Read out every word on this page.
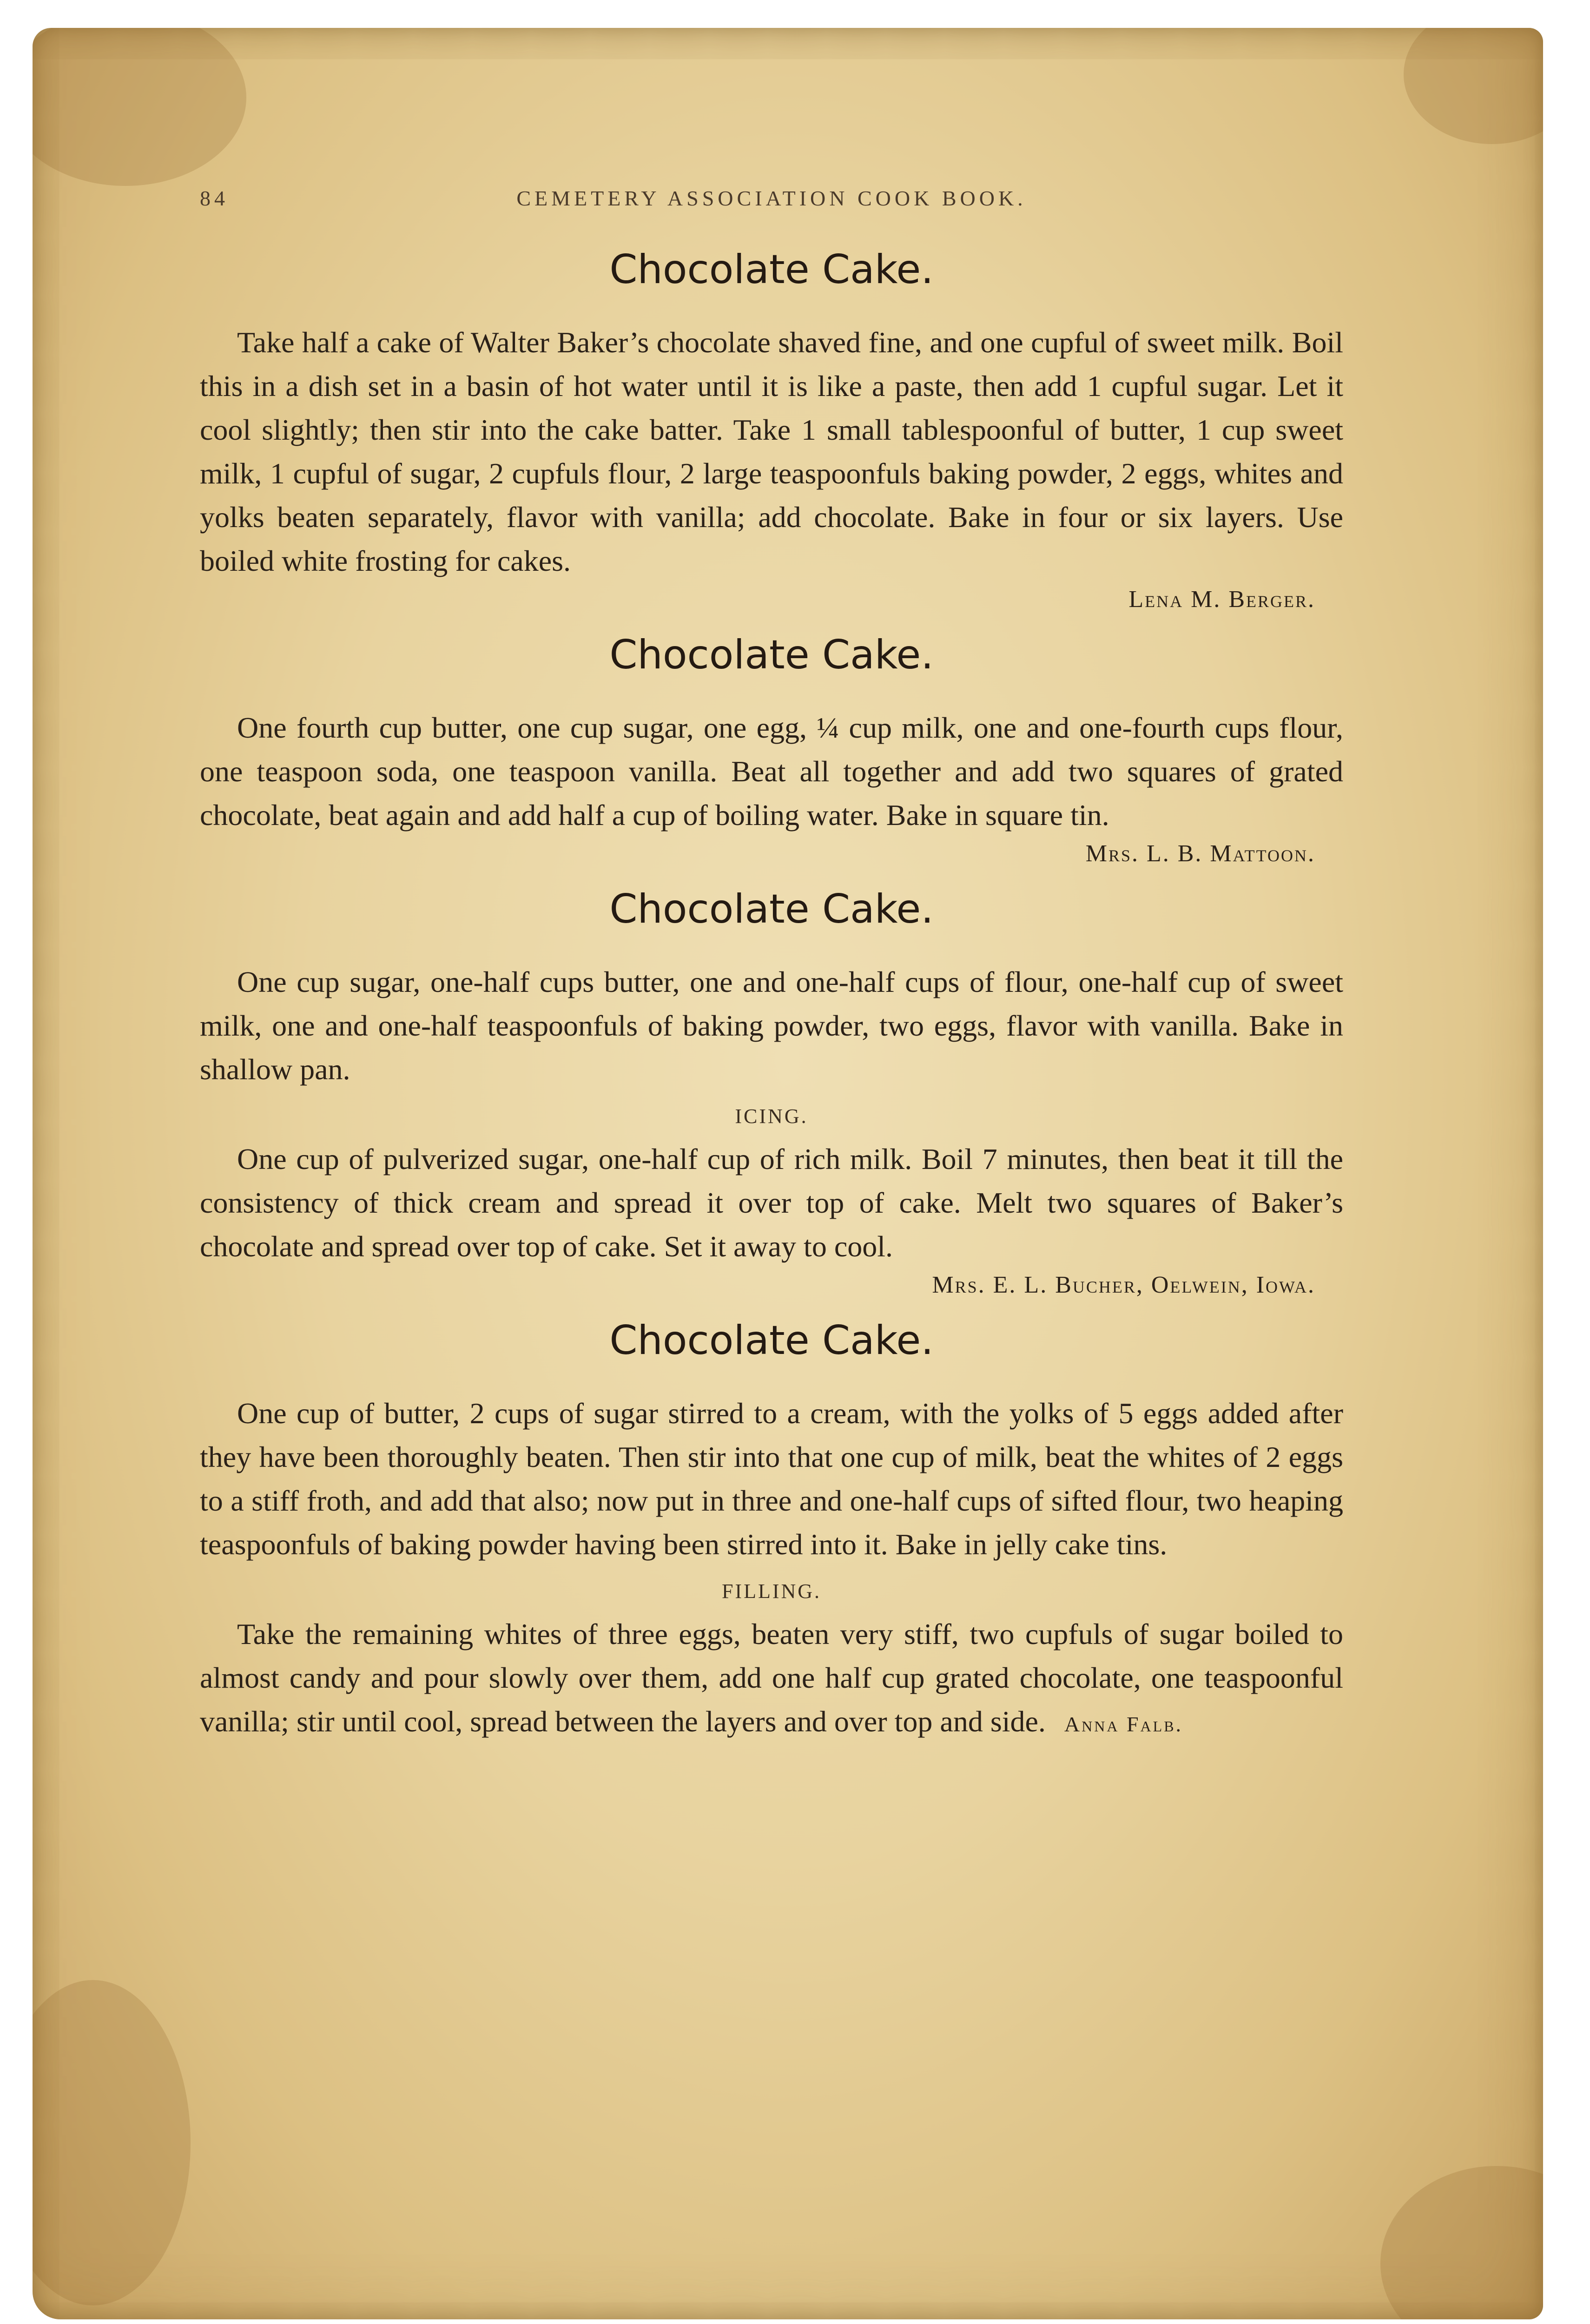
84	CEMETERY ASSOCIATION COOK BOOK.
Chocolate Cake.

Take half a cake of Walter Baker’s chocolate shaved fine, and one cupful of sweet milk. Boil this in a dish set in a basin of hot water until it is like a paste, then add 1 cupful sugar. Let it cool slightly; then stir into the cake batter. Take 1 small tablespoonful of butter, 1 cup sweet milk, 1 cupful of sugar, 2 cupfuls flour, 2 large teaspoonfuls baking powder, 2 eggs, whites and yolks beaten separately, flavor with vanilla; add chocolate. Bake in four or six layers. Use boiled white frosting for cakes.

Lena M. Berger.
Chocolate Cake.

One fourth cup butter, one cup sugar, one egg, ¼ cup milk, one and one-fourth cups flour, one teaspoon soda, one teaspoon vanilla. Beat all together and add two squares of grated chocolate, beat again and add half a cup of boiling water. Bake in square tin.

Mrs. L. B. Mattoon.
Chocolate Cake.

One cup sugar, one-half cups butter, one and one-half cups of flour, one-half cup of sweet milk, one and one-half teaspoonfuls of baking powder, two eggs, flavor with vanilla. Bake in shallow pan.

ICING.

One cup of pulverized sugar, one-half cup of rich milk. Boil 7 minutes, then beat it till the consistency of thick cream and spread it over top of cake. Melt two squares of Baker’s chocolate and spread over top of cake. Set it away to cool.

Mrs. E. L. Bucher, Oelwein, Iowa.
Chocolate Cake.

One cup of butter, 2 cups of sugar stirred to a cream, with the yolks of 5 eggs added after they have been thoroughly beaten. Then stir into that one cup of milk, beat the whites of 2 eggs to a stiff froth, and add that also; now put in three and one-half cups of sifted flour, two heaping teaspoonfuls of baking powder having been stirred into it. Bake in jelly cake tins.

FILLING.

Take the remaining whites of three eggs, beaten very stiff, two cupfuls of sugar boiled to almost candy and pour slowly over them, add one half cup grated chocolate, one teaspoonful vanilla; stir until cool, spread between the layers and over top and side. Anna Falb.
